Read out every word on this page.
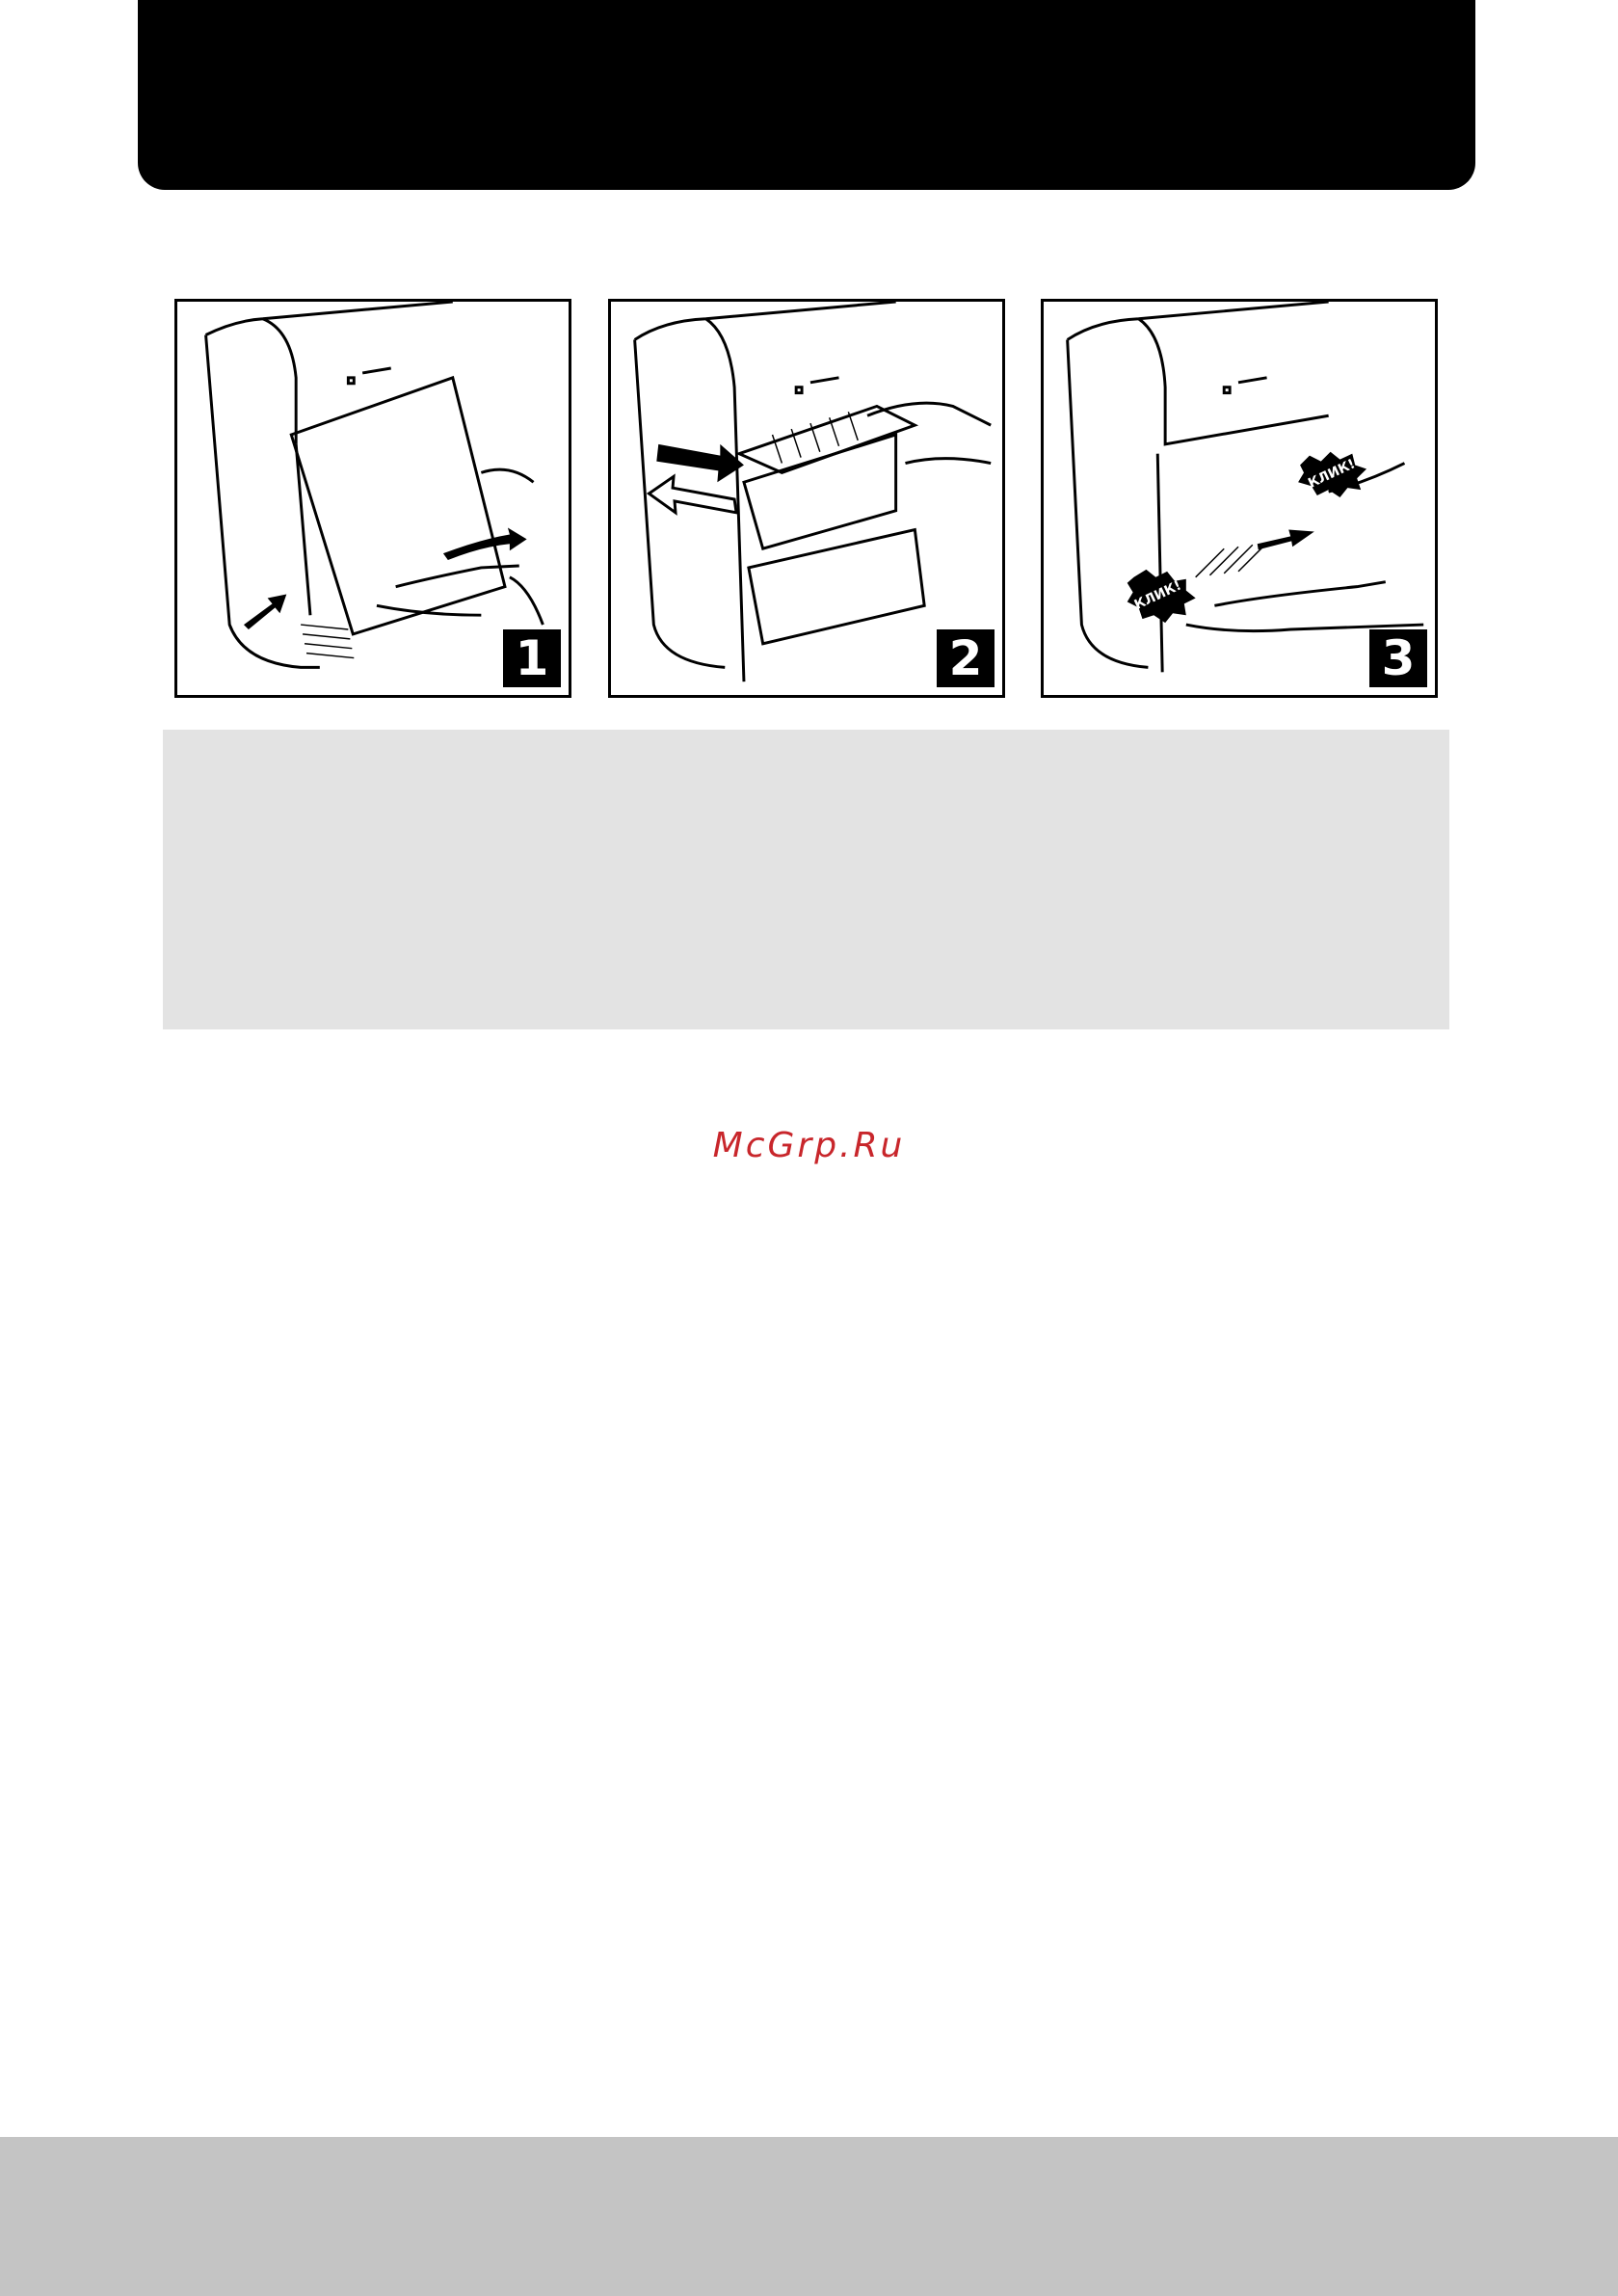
1	2
КЛИК!
КЛИК!
3
McGrp.Ru
